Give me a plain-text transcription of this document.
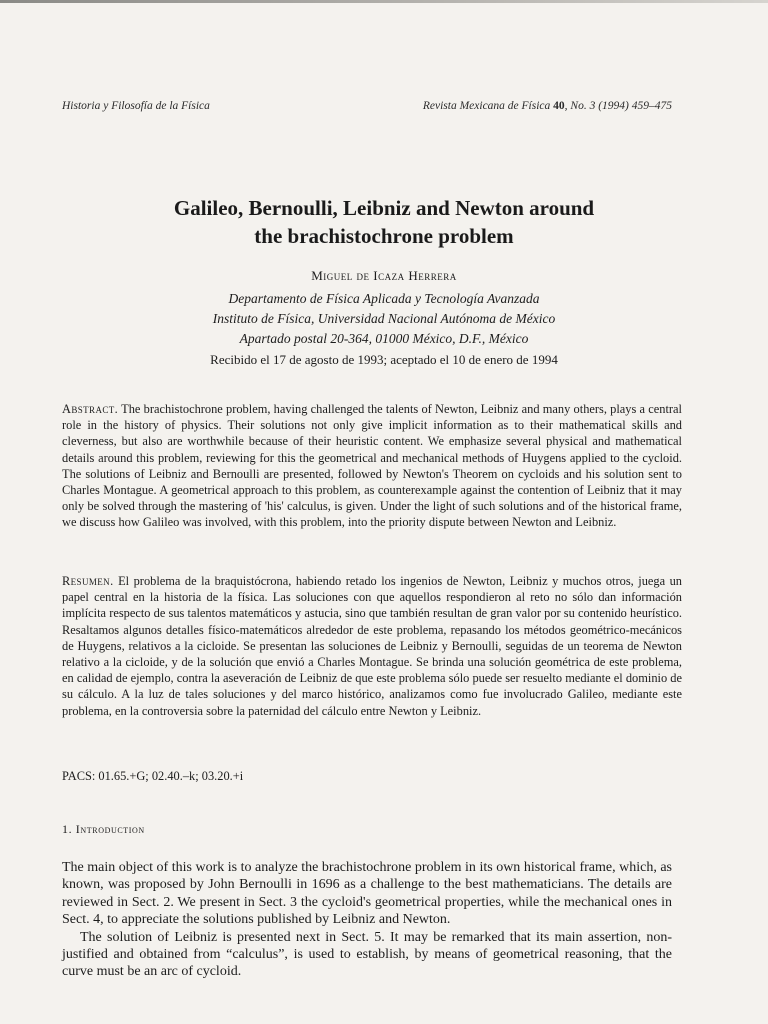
Historia y Filosofía de la Física	Revista Mexicana de Física 40, No. 3 (1994) 459–475
Galileo, Bernoulli, Leibniz and Newton around
the brachistochrone problem
Miguel de Icaza Herrera
Departamento de Física Aplicada y Tecnología Avanzada
Instituto de Física, Universidad Nacional Autónoma de México
Apartado postal 20-364, 01000 México, D.F., México
Recibido el 17 de agosto de 1993; aceptado el 10 de enero de 1994
Abstract. The brachistochrone problem, having challenged the talents of Newton, Leibniz and many others, plays a central role in the history of physics. Their solutions not only give implicit information as to their mathematical skills and cleverness, but also are worthwhile because of their heuristic content. We emphasize several physical and mathematical details around this problem, reviewing for this the geometrical and mechanical methods of Huygens applied to the cycloid. The solutions of Leibniz and Bernoulli are presented, followed by Newton's Theorem on cycloids and his solution sent to Charles Montague. A geometrical approach to this problem, as counterexample against the contention of Leibniz that it may only be solved through the mastering of 'his' calculus, is given. Under the light of such solutions and of the historical frame, we discuss how Galileo was involved, with this problem, into the priority dispute between Newton and Leibniz.
Resumen. El problema de la braquistócrona, habiendo retado los ingenios de Newton, Leibniz y muchos otros, juega un papel central en la historia de la física. Las soluciones con que aquellos respondieron al reto no sólo dan información implícita respecto de sus talentos matemáticos y astucia, sino que también resultan de gran valor por su contenido heurístico. Resaltamos algunos detalles físico-matemáticos alrededor de este problema, repasando los métodos geométrico-mecánicos de Huygens, relativos a la cicloide. Se presentan las soluciones de Leibniz y Bernoulli, seguidas de un teorema de Newton relativo a la cicloide, y de la solución que envió a Charles Montague. Se brinda una solución geométrica de este problema, en calidad de ejemplo, contra la aseveración de Leibniz de que este problema sólo puede ser resuelto mediante el dominio de su cálculo. A la luz de tales soluciones y del marco histórico, analizamos como fue involucrado Galileo, mediante este problema, en la controversia sobre la paternidad del cálculo entre Newton y Leibniz.
PACS: 01.65.+G; 02.40.–k; 03.20.+i
1. Introduction

The main object of this work is to analyze the brachistochrone problem in its own historical frame, which, as known, was proposed by John Bernoulli in 1696 as a challenge to the best mathematicians. The details are reviewed in Sect. 2. We present in Sect. 3 the cycloid's geometrical properties, while the mechanical ones in Sect. 4, to appreciate the solutions published by Leibniz and Newton.

The solution of Leibniz is presented next in Sect. 5. It may be remarked that its main assertion, non-justified and obtained from “calculus”, is used to establish, by means of geometrical reasoning, that the curve must be an arc of cycloid.
